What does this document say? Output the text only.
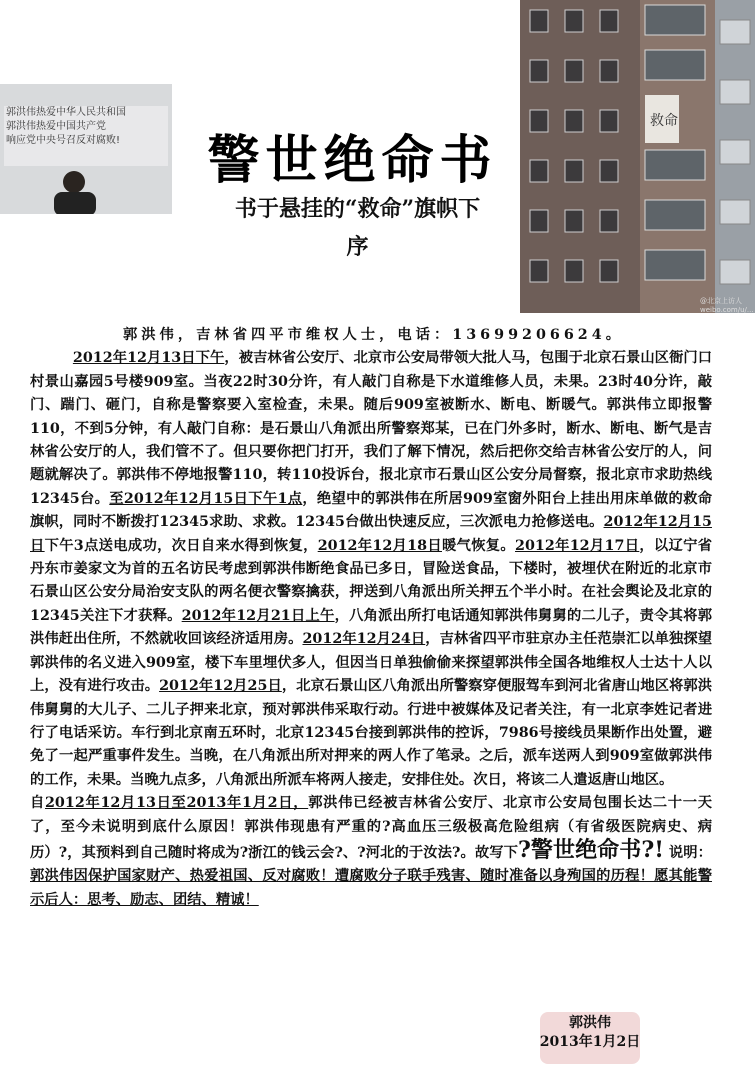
郭洪伟热爱中华人民共和国
郭洪伟热爱中国共产党
响应党中央号召反对腐败!
救命
警世绝命书
书于悬挂的“救命”旗帜下
序
@北京上访人 weibo.com/u/...

郭洪伟，吉林省四平市维权人士，电话：13699206624。

2012年12月13日下午，被吉林省公安厅、北京市公安局带领大批人马，包围于北京石景山区衙门口村景山嘉园5号楼909室。当夜22时30分许，有人敲门自称是下水道维修人员，未果。23时40分许，敲门、踹门、砸门，自称是警察要入室检查，未果。随后909室被断水、断电、断暖气。郭洪伟立即报警110，不到5分钟，有人敲门自称：是石景山八角派出所警察郑某，已在门外多时，断水、断电、断气是吉林省公安厅的人，我们管不了。但只要你把门打开，我们了解下情况，然后把你交给吉林省公安厅的人，问题就解决了。郭洪伟不停地报警110，转110投诉台，报北京市石景山区公安分局督察，报北京市求助热线12345台。至2012年12月15日下午1点，绝望中的郭洪伟在所居909室窗外阳台上挂出用床单做的救命旗帜，同时不断拨打12345求助、求救。12345台做出快速反应，三次派电力抢修送电。2012年12月15日下午3点送电成功，次日自来水得到恢复，2012年12月18日暖气恢复。2012年12月17日，以辽宁省丹东市姜家文为首的五名访民考虑到郭洪伟断绝食品已多日，冒险送食品，下楼时，被埋伏在附近的北京市石景山区公安分局治安支队的两名便衣警察擒获，押送到八角派出所关押五个半小时。在社会舆论及北京的12345关注下才获释。2012年12月21日上午，八角派出所打电话通知郭洪伟舅舅的二儿子，责令其将郭洪伟赶出住所，不然就收回该经济适用房。2012年12月24日，吉林省四平市驻京办主任范崇汇以单独探望郭洪伟的名义进入909室，楼下车里埋伏多人，但因当日单独偷偷来探望郭洪伟全国各地维权人士达十人以上，没有进行攻击。2012年12月25日，北京石景山区八角派出所警察穿便服驾车到河北省唐山地区将郭洪伟舅舅的大儿子、二儿子押来北京，预对郭洪伟采取行动。行进中被媒体及记者关注，有一北京李姓记者进行了电话采访。车行到北京南五环时，北京12345台接到郭洪伟的控诉，7986号接线员果断作出处置，避免了一起严重事件发生。当晚，在八角派出所对押来的两人作了笔录。之后，派车送两人到909室做郭洪伟的工作，未果。当晚九点多，八角派出所派车将两人接走，安排住处。次日，将该二人遣返唐山地区。

自2012年12月13日至2013年1月2日，郭洪伟已经被吉林省公安厅、北京市公安局包围长达二十一天了，至今未说明到底什么原因！郭洪伟现患有严重的?高血压三级极高危险组病（有省级医院病史、病历）?，其预料到自己随时将成为?浙江的钱云会?、?河北的于汝法?。故写下?警世绝命书?! 说明：郭洪伟因保护国家财产、热爱祖国、反对腐败！遭腐败分子联手残害、随时准备以身殉国的历程！愿其能警示后人：思考、励志、团结、精诚！

郭洪伟
2013年1月2日
